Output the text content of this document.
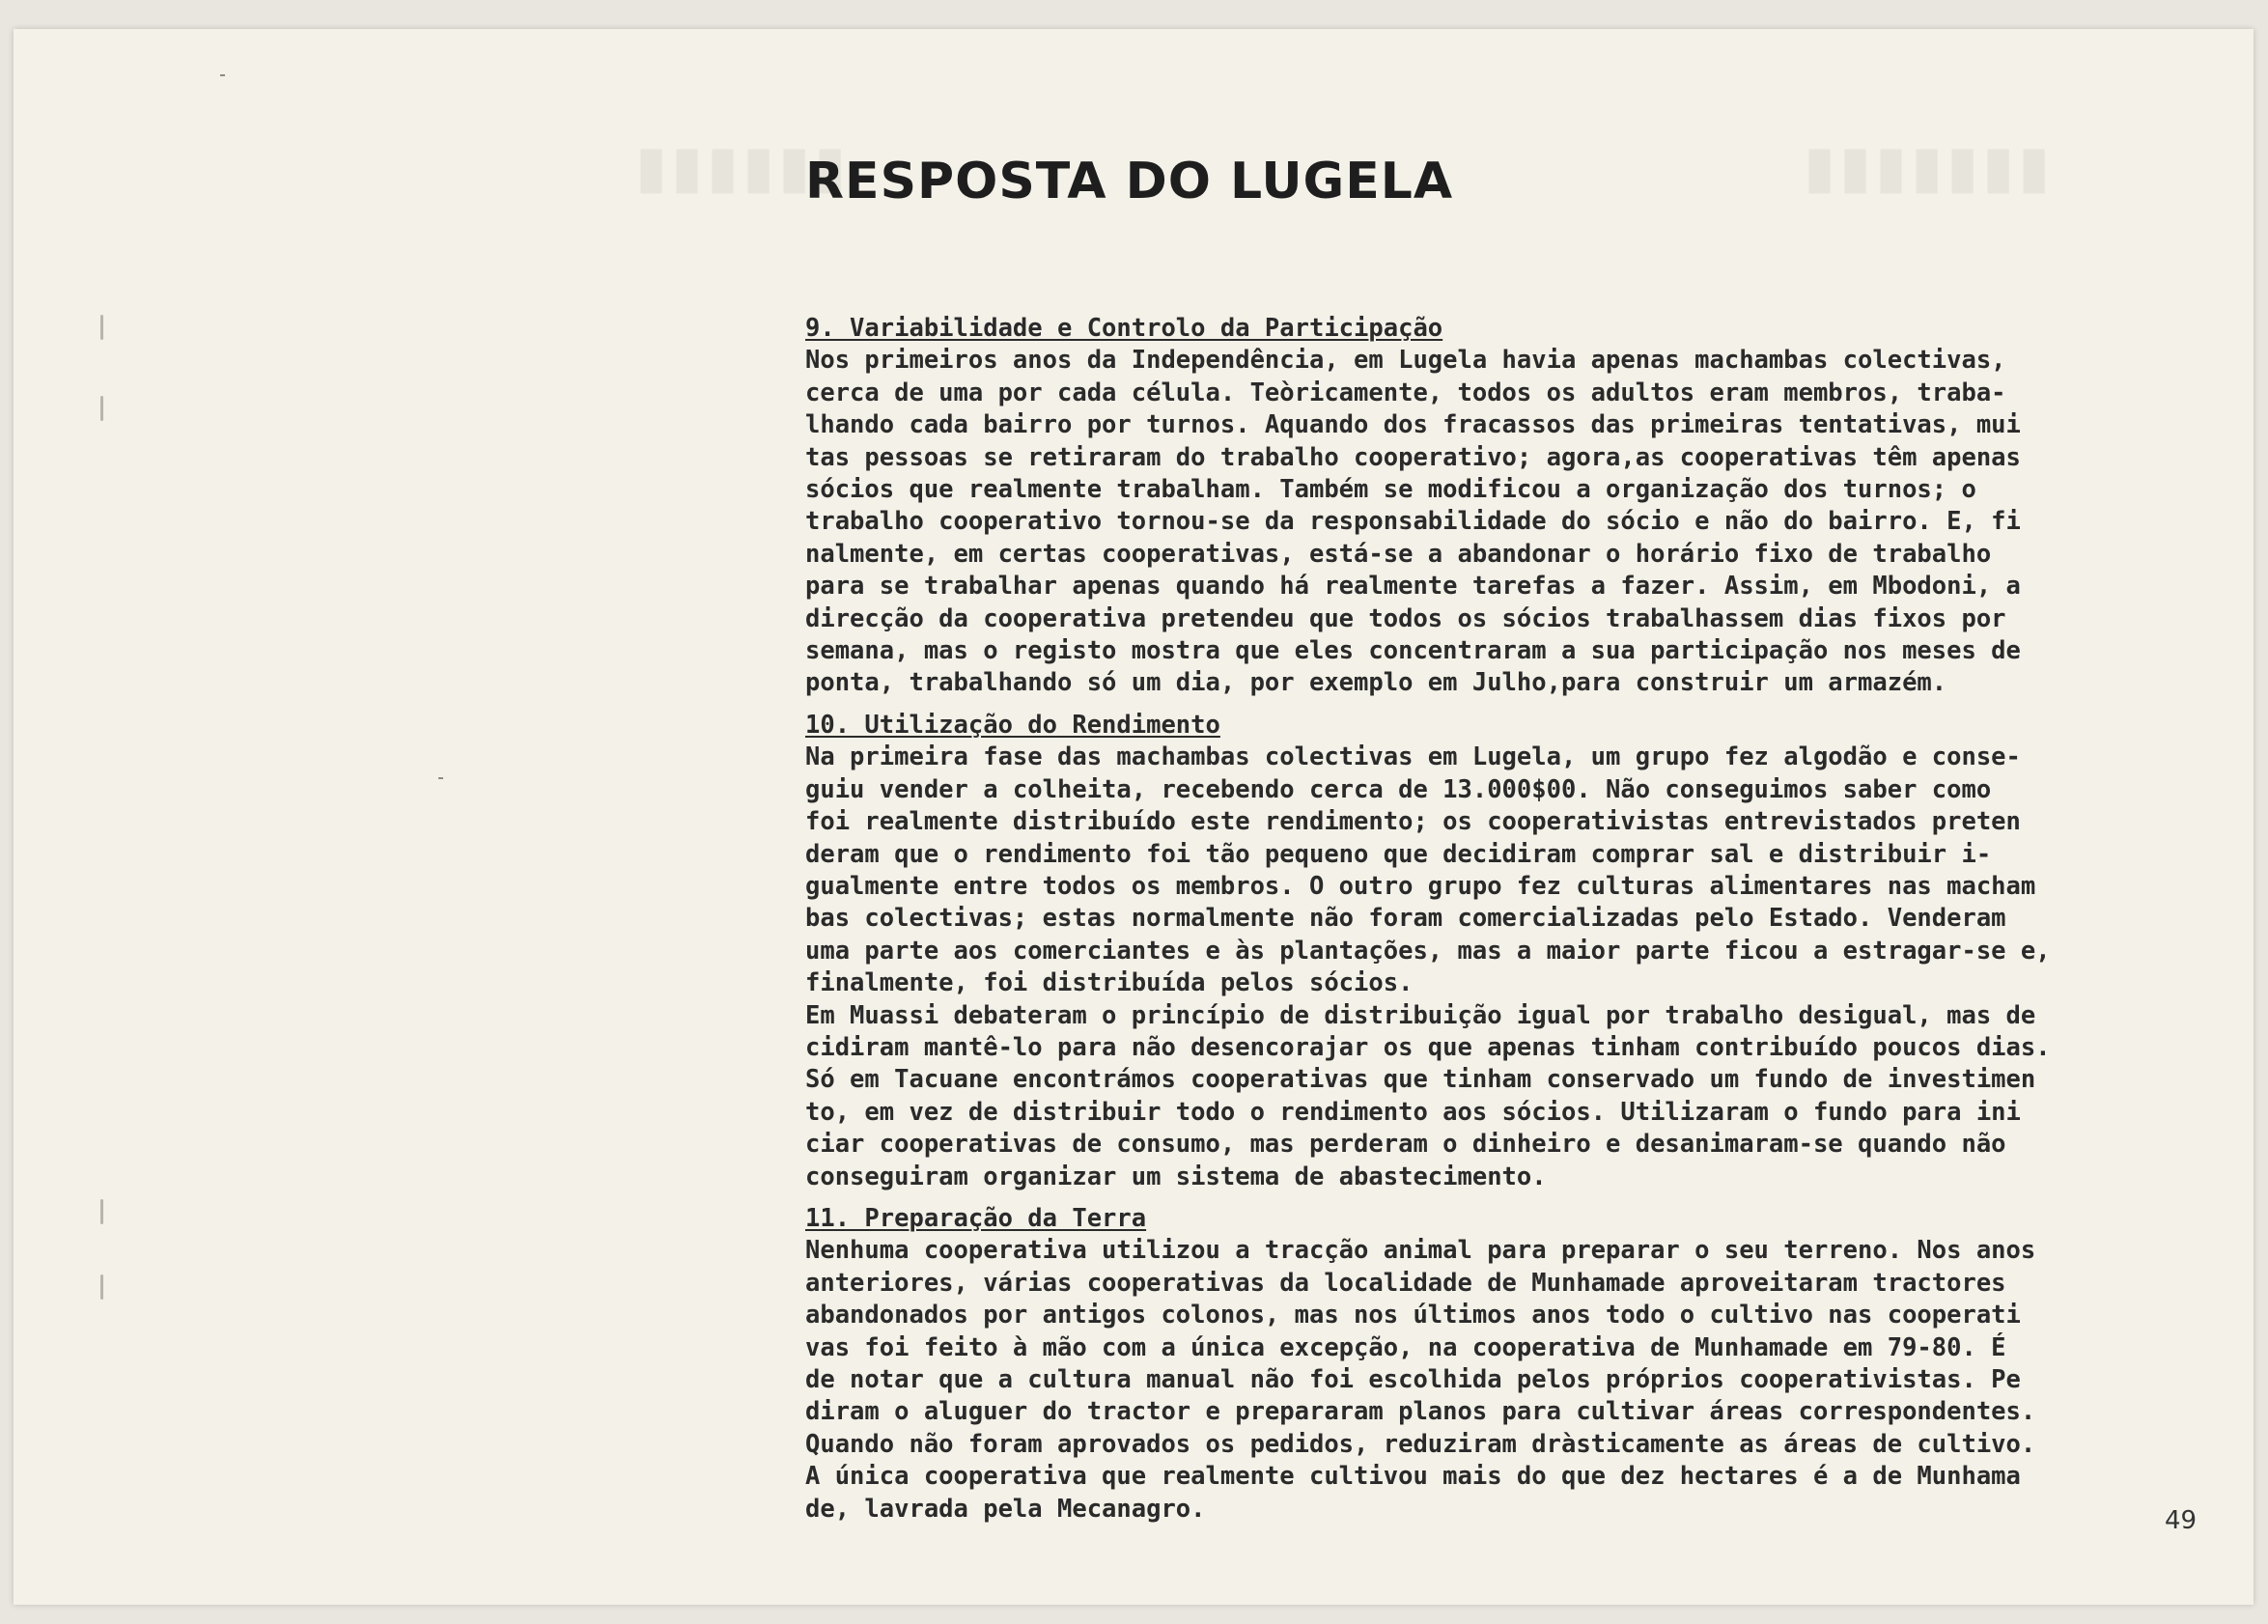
▮▮▮▮▮▮	▮▮▮▮▮▮▮
RESPOSTA DO LUGELA
9. Variabilidade e Controlo da Participação
Nos primeiros anos da Independência, em Lugela havia apenas machambas colectivas,
cerca de uma por cada célula. Teòricamente, todos os adultos eram membros, traba-
lhando cada bairro por turnos. Aquando dos fracassos das primeiras tentativas, mui
tas pessoas se retiraram do trabalho cooperativo; agora,as cooperativas têm apenas
sócios que realmente trabalham. Também se modificou a organização dos turnos; o
trabalho cooperativo tornou-se da responsabilidade do sócio e não do bairro. E, fi
nalmente, em certas cooperativas, está-se a abandonar o horário fixo de trabalho
para se trabalhar apenas quando há realmente tarefas a fazer. Assim, em Mbodoni, a
direcção da cooperativa pretendeu que todos os sócios trabalhassem dias fixos por
semana, mas o registo mostra que eles concentraram a sua participação nos meses de
ponta, trabalhando só um dia, por exemplo em Julho,para construir um armazém.
10. Utilização do Rendimento
Na primeira fase das machambas colectivas em Lugela, um grupo fez algodão e conse-
guiu vender a colheita, recebendo cerca de 13.000$00. Não conseguimos saber como
foi realmente distribuído este rendimento; os cooperativistas entrevistados preten
deram que o rendimento foi tão pequeno que decidiram comprar sal e distribuir i-
gualmente entre todos os membros. O outro grupo fez culturas alimentares nas macham
bas colectivas; estas normalmente não foram comercializadas pelo Estado. Venderam
uma parte aos comerciantes e às plantações, mas a maior parte ficou a estragar-se e,
finalmente, foi distribuída pelos sócios.
Em Muassi debateram o princípio de distribuição igual por trabalho desigual, mas de
cidiram mantê-lo para não desencorajar os que apenas tinham contribuído poucos dias.
Só em Tacuane encontrámos cooperativas que tinham conservado um fundo de investimen
to, em vez de distribuir todo o rendimento aos sócios. Utilizaram o fundo para ini
ciar cooperativas de consumo, mas perderam o dinheiro e desanimaram-se quando não
conseguiram organizar um sistema de abastecimento.
11. Preparação da Terra
Nenhuma cooperativa utilizou a tracção animal para preparar o seu terreno. Nos anos
anteriores, várias cooperativas da localidade de Munhamade aproveitaram tractores
abandonados por antigos colonos, mas nos últimos anos todo o cultivo nas cooperati
vas foi feito à mão com a única excepção, na cooperativa de Munhamade em 79-80. É
de notar que a cultura manual não foi escolhida pelos próprios cooperativistas. Pe
diram o aluguer do tractor e prepararam planos para cultivar áreas correspondentes.
Quando não foram aprovados os pedidos, reduziram dràsticamente as áreas de cultivo.
A única cooperativa que realmente cultivou mais do que dez hectares é a de Munhama
de, lavrada pela Mecanagro.	49
